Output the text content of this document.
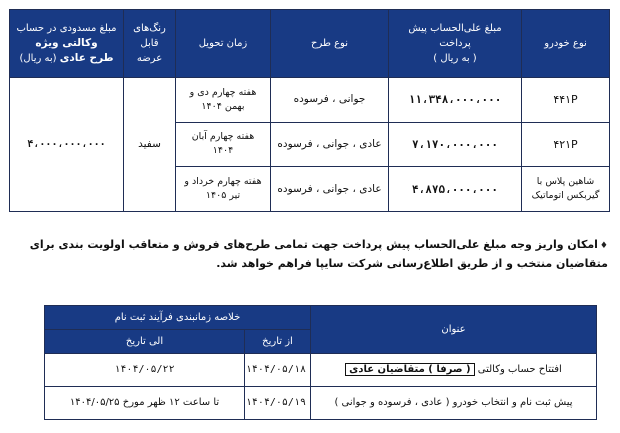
نوع خودرو	مبلغ علی‌الحساب پیش پرداخت
( به ریال )	نوع طرح	زمان تحویل	رنگ‌های قابل عرضه	مبلغ مسدودی در حساب وکالتی ویژه
طرح عادی (به ریال)
۴۴۱P	۱۱،۳۴۸،۰۰۰،۰۰۰	جوانی ، فرسوده	هفته چهارم دی و بهمن ۱۴۰۴	سفید	۴،۰۰۰،۰۰۰،۰۰۰
۴۲۱P	۷،۱۷۰،۰۰۰،۰۰۰	عادی ، جوانی ، فرسوده	هفته چهارم آبان ۱۴۰۴		
شاهین پلاس با گیربکس اتوماتیک	۴،۸۷۵،۰۰۰،۰۰۰	عادی ، جوانی ، فرسوده	هفته چهارم خرداد و تیر ۱۴۰۵		

♦امکان واریز وجه مبلغ علی‌الحساب پیش پرداخت جهت تمامی طرح‌های فروش و متعاقب اولویت بندی برای متقاضیان منتخب و از طریق اطلاع‌رسانی شرکت سایپا فراهم خواهد شد.

عنوان	خلاصه زمانبندی فرآیند ثبت نام	
	از تاریخ	الی تاریخ
افتتاح حساب وکالتی ( صرفا ) متقاضیان عادی	۱۴۰۴/۰۵/۱۸	۱۴۰۴/۰۵/۲۲
پیش ثبت نام و انتخاب خودرو ( عادی ، فرسوده و جوانی )	۱۴۰۴/۰۵/۱۹	تا ساعت ۱۲ ظهر مورخ ۱۴۰۴/۰۵/۲۵
